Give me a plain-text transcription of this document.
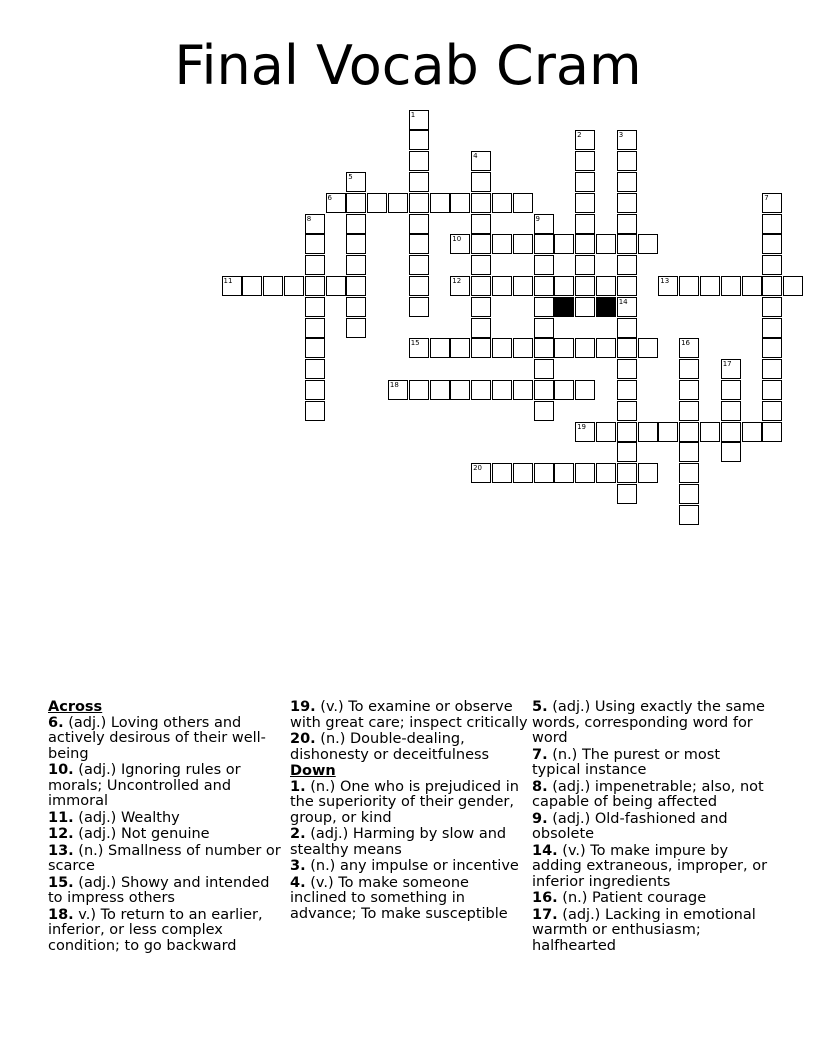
Final Vocab Cram
1
2	3
4
5
6	7
8	9
10
11	12	13
14
15	16
17
18
19
20
Across
6. (adj.) Loving others and actively desirous of their well-being
10. (adj.) Ignoring rules or morals; Uncontrolled and immoral
11. (adj.) Wealthy
12. (adj.) Not genuine
13. (n.) Smallness of number or scarce
15. (adj.) Showy and intended to impress others
18. v.) To return to an earlier, inferior, or less complex condition; to go backward
19. (v.) To examine or observe with great care; inspect critically
20. (n.) Double-dealing, dishonesty or deceitfulness
Down
1. (n.) One who is prejudiced in the superiority of their gender, group, or kind
2. (adj.) Harming by slow and stealthy means
3. (n.) any impulse or incentive
4. (v.) To make someone inclined to something in advance; To make susceptible
5. (adj.) Using exactly the same words, corresponding word for word
7. (n.) The purest or most typical instance
8. (adj.) impenetrable; also, not capable of being affected
9. (adj.) Old-fashioned and obsolete
14. (v.) To make impure by adding extraneous, improper, or inferior ingredients
16. (n.) Patient courage
17. (adj.) Lacking in emotional warmth or enthusiasm; halfhearted
